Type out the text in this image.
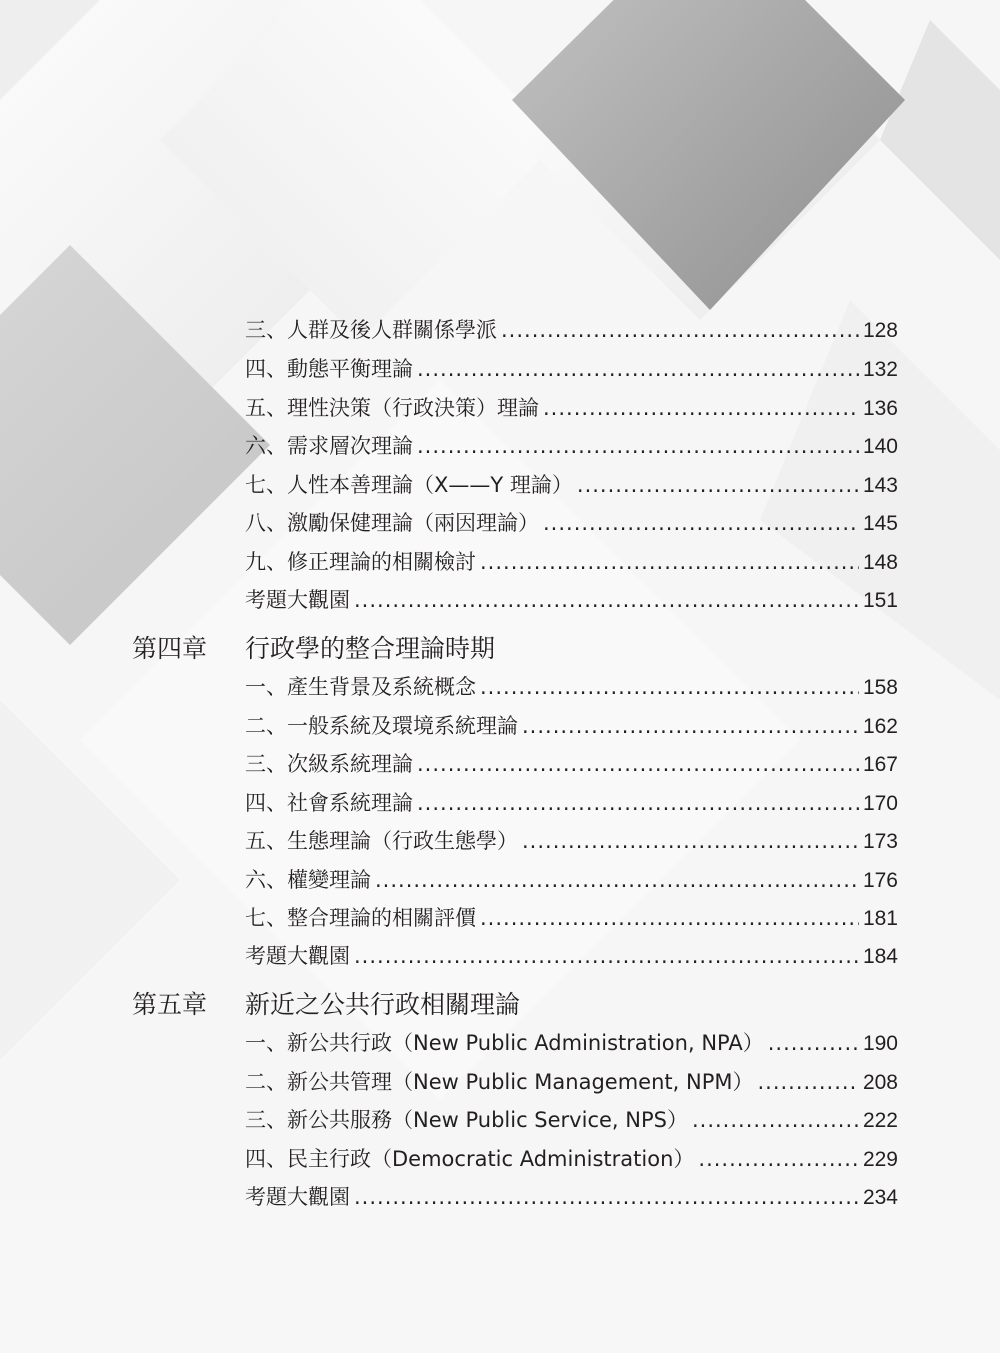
三、人群及後人群關係學派 .....	128
四、動態平衡理論 .....	132
五、理性決策（行政決策）理論 .....	136
六、需求層次理論 .....	140
七、人性本善理論（X——Y 理論） .....	143
八、激勵保健理論（兩因理論） .....	145
九、修正理論的相關檢討 .....	148
考題大觀園 .....	151
第四章 行政學的整合理論時期
一、產生背景及系統概念 .....	158
二、一般系統及環境系統理論 .....	162
三、次級系統理論 .....	167
四、社會系統理論 .....	170
五、生態理論（行政生態學） .....	173
六、權變理論 .....	176
七、整合理論的相關評價 .....	181
考題大觀園 .....	184
第五章 新近之公共行政相關理論
一、新公共行政（New Public Administration, NPA） .....	190
二、新公共管理（New Public Management, NPM） .....	208
三、新公共服務（New Public Service, NPS） .....	222
四、民主行政（Democratic Administration） .....	229
考題大觀園 .....	234
